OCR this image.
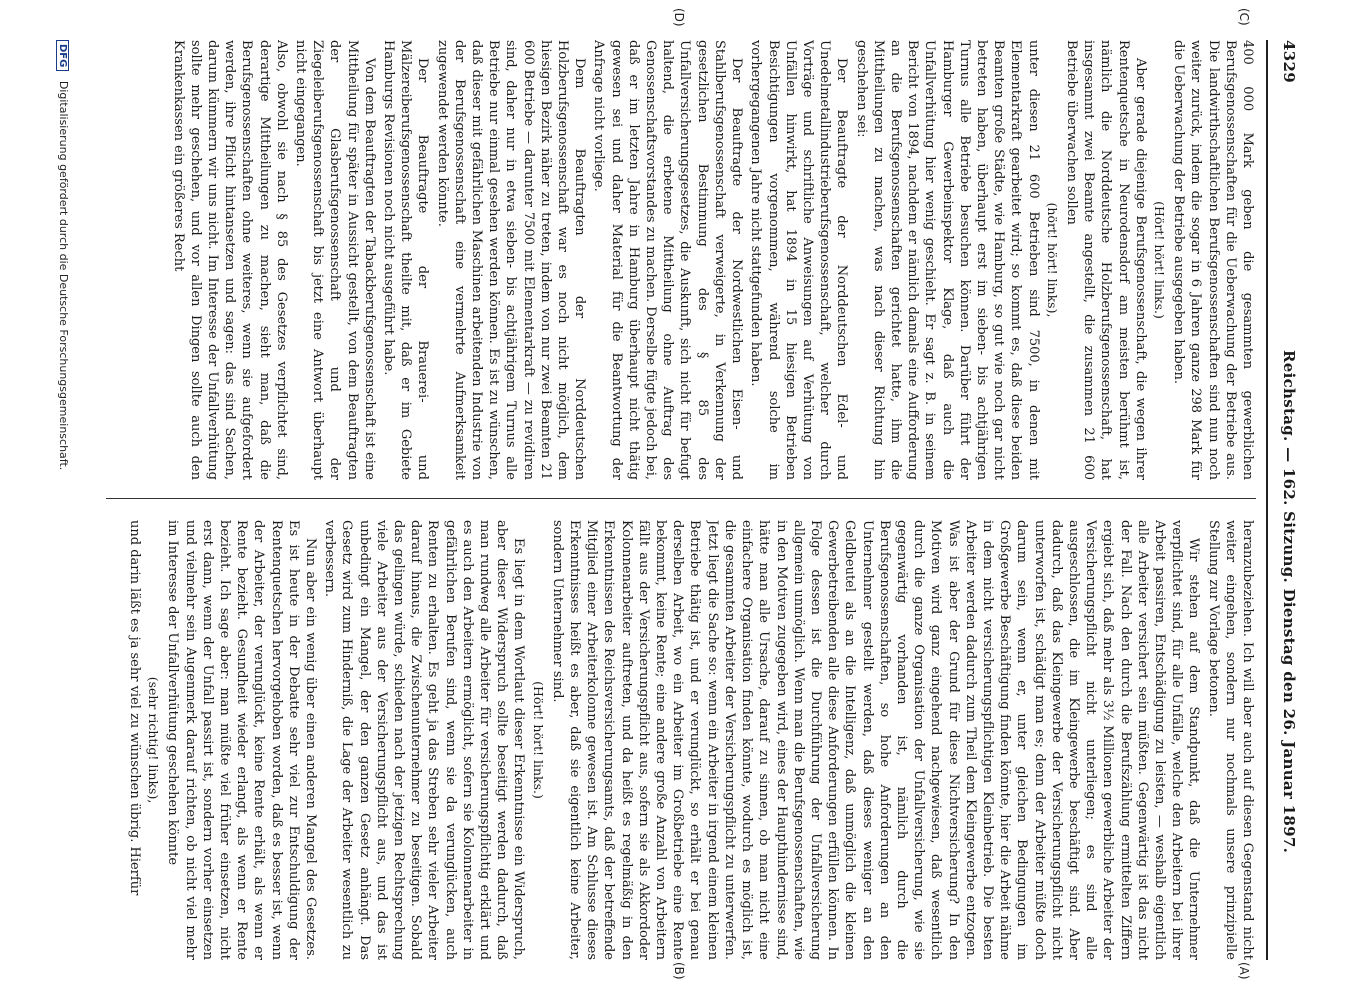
4329
Reichstag. — 162. Sitzung. Dienstag den 26. Januar 1897.
(C)
(D)
(A)
(B)

400 000 Mark geben die gesammten gewerblichen Berufsgenossenschaften für die Ueberwachung der Betriebe aus. Die landwirthschaftlichen Berufsgenossenschaften sind nun noch weiter zurück, indem die sogar in 6 Jahren ganze 298 Mark für die Ueberwachung der Betriebe ausgegeben haben.

(Hört! hört! links.)

Aber gerade diejenige Berufsgenossenschaft, die wegen ihrer Rentenquetsche in Neurodensdorf am meisten berühmt ist, nämlich die Norddeutsche Holzberufsgenossenschaft, hat insgesammt zwei Beamte angestellt, die zusammen 21 600 Betriebe überwachen sollen

(hört! hört! links),

unter diesen 21 600 Betrieben sind 7500, in denen mit Elementarkraft gearbeitet wird; so kommt es, daß diese beiden Beamten große Städte, wie Hamburg, so gut wie noch gar nicht betreten haben, überhaupt erst im sieben- bis achtjährigen Turnus alle Betriebe besuchen können. Darüber führt der Hamburger Gewerbeinspektor Klage, daß auch die Unfallverhütung hier wenig geschieht. Er sagt z. B. in seinem Bericht von 1894, nachdem er nämlich damals eine Aufforderung an die Berufsgenossenschaften gerichtet hatte, ihm die Mittheilungen zu machen, was nach dieser Richtung hin geschehen sei:

Der Beauftragte der Norddeutschen Edel- und Unedelmetallindustrieberufsgenossenschaft, welcher durch Vorträge und schriftliche Anweisungen auf Verhütung von Unfällen hinwirkt, hat 1894 in 15 hiesigen Betrieben Besichtigungen vorgenommen, während solche im vorhergegangenen Jahre nicht stattgefunden haben.

Der Beauftragte der Nordwestlichen Eisen- und Stahlberufsgenossenschaft verweigerte, in Verkennung der gesetzlichen Bestimmung des § 85 des Unfallversicherungsgesetzes, die Auskunft, sich nicht für befugt haltend, die erbetene Mittheilung ohne Auftrag des Genossenschaftsvorstandes zu machen. Derselbe fügte jedoch bei, daß er im letzten Jahre in Hamburg überhaupt nicht thätig gewesen sei und daher Material für die Beantwortung der Anfrage nicht vorliege.

Dem Beauftragten der Norddeutschen Holzberufsgenossenschaft war es noch nicht möglich, dem hiesigen Bezirk näher zu treten, indem von nur zwei Beamten 21 600 Betriebe — darunter 7500 mit Elementarkraft — zu revidiren sind, daher nur in etwa sieben- bis achtjährigem Turnus alle Betriebe nur einmal gesehen werden können. Es ist zu wünschen, daß dieser mit gefährlichen Maschinen arbeitenden Industrie von der Berufsgenossenschaft eine vermehrte Aufmerksamkeit zugewendet werden könnte.

Der Beauftragte der Brauerei- und Mälzereiberufsgenossenschaft theilte mit, daß er im Gebiete Hamburgs Revisionen noch nicht ausgeführt habe.

Von dem Beauftragten der Tabackberufsgenossenschaft ist eine Mittheilung für später in Aussicht gestellt, von dem Beauftragten der Glasberufsgenossenschaft und der Ziegeleiberufsgenossenschaft bis jetzt eine Antwort überhaupt nicht eingegangen.

Also, obwohl sie nach § 85 des Gesetzes verpflichtet sind, derartige Mittheilungen zu machen, sieht man, daß die Berufsgenossenschaften ohne weiteres, wenn sie aufgefordert werden, ihre Pflicht hintansetzen und sagen: das sind Sachen, darum kümmern wir uns nicht. Im Interesse der Unfallverhütung sollte mehr geschehen, und vor allen Dingen sollte auch den Krankenkassen ein größeres Recht

heranzubeziehen. Ich will aber auch auf diesen Gegenstand nicht weiter eingehen, sondern nur nochmals unsere prinzipielle Stellung zur Vorlage betonen.

Wir stehen auf dem Standpunkt, daß die Unternehmer verpflichtet sind, für alle Unfälle, welche den Arbeitern bei ihrer Arbeit passiren, Entschädigung zu leisten, — weshalb eigentlich alle Arbeiter versichert sein müßten. Gegenwärtig ist das nicht der Fall. Nach den durch die Berufszählung ermittelten Ziffern ergiebt sich, daß mehr als 3½ Millionen gewerbliche Arbeiter der Versicherungspflicht nicht unterliegen; es sind alle ausgeschlossen, die im Kleingewerbe beschäftigt sind. Aber dadurch, daß das Kleingewerbe der Versicherungspflicht nicht unterworfen ist, schädigt man es; denn der Arbeiter müßte doch darum sein, wenn er, unter gleichen Bedingungen im Großgewerbe Beschäftigung finden könnte, hier die Arbeit nähme in dem nicht versicherungspflichtigen Kleinbetrieb. Die besten Arbeiter werden dadurch zum Theil dem Kleingewerbe entzogen. Was ist aber der Grund für diese Nichtversicherung? In den Motiven wird ganz eingehend nachgewiesen, daß wesentlich durch die ganze Organisation der Unfallversicherung, wie sie gegenwärtig vorhanden ist, nämlich durch die Berufsgenossenschaften, so hohe Anforderungen an den Unternehmer gestellt werden, daß dieses weniger an den Geldbeutel als an die Intelligenz, daß unmöglich die kleinen Gewerbetreibenden alle diese Anforderungen erfüllen können. In Folge dessen ist die Durchführung der Unfallversicherung allgemein unmöglich. Wenn man die Berufsgenossenschaften, wie in den Motiven zugegeben wird, eines der Haupthindernisse sind, hätte man alle Ursache, darauf zu sinnen, ob man nicht eine einfachere Organisation finden könnte, wodurch es möglich ist, die gesammten Arbeiter der Versicherungspflicht zu unterwerfen. Jetzt liegt die Sache so: wenn ein Arbeiter in irgend einem kleinen Betriebe thätig ist, und er verunglückt, so erhält er bei genau derselben Arbeit, wo ein Arbeiter im Großbetriebe eine Rente bekommt, keine Rente; eine andere große Anzahl von Arbeitern fällt aus der Versicherungspflicht aus, sofern sie als Akkordoder Kolonnenarbeiter auftreten, und da heißt es regelmäßig in den Erkenntnissen des Reichsversicherungsamts, daß der betreffende Mitglied einer Arbeiterkolonne gewesen ist. Am Schlusse dieses Erkenntnisses heißt es aber, daß sie eigentlich keine Arbeiter, sondern Unternehmer sind.

(Hört! hört! links.)

Es liegt in dem Wortlaut dieser Erkenntnisse ein Widerspruch, aber dieser Widerspruch sollte beseitigt werden dadurch, daß man rundweg alle Arbeiter für versicherungspflichtig erklärt und es auch den Arbeitern ermöglicht, sofern sie Kolonnenarbeiter in gefährlichen Berufen sind, wenn sie da verunglücken, auch Renten zu erhalten. Es geht ja das Streben sehr vieler Arbeiter darauf hinaus, die Zwischenunternehmer zu beseitigen. Sobald das gelingen würde, schieden nach der jetzigen Rechtsprechung viele Arbeiter aus der Versicherungspflicht aus, und das ist unbedingt ein Mangel, der den ganzen Gesetz anhängt. Das Gesetz wird zum Hinderniß, die Lage der Arbeiter wesentlich zu verbessern.

Nun aber ein wenig über einen anderen Mangel des Gesetzes. Es ist heute in der Debatte sehr viel zur Entschuldigung der Rentenquetschen hervorgehoben worden, daß es besser ist, wenn der Arbeiter, der verunglückt, keine Rente erhält, als wenn er Rente bezieht. Gesundheit wieder erlangt, als wenn er Rente bezieht. Ich sage aber: man müßte viel früher einsetzen, nicht erst dann, wenn der Unfall passirt ist, sondern vorher einsetzen und vielmehr sein Augenmerk darauf richten, ob nicht viel mehr im Interesse der Unfallverhütung geschehen könnte

(sehr richtig! links),

und darin läßt es ja sehr viel zu wünschen übrig. Hierfür

DFG Digitalisierung gefördert durch die Deutsche Forschungsgemeinschaft.
